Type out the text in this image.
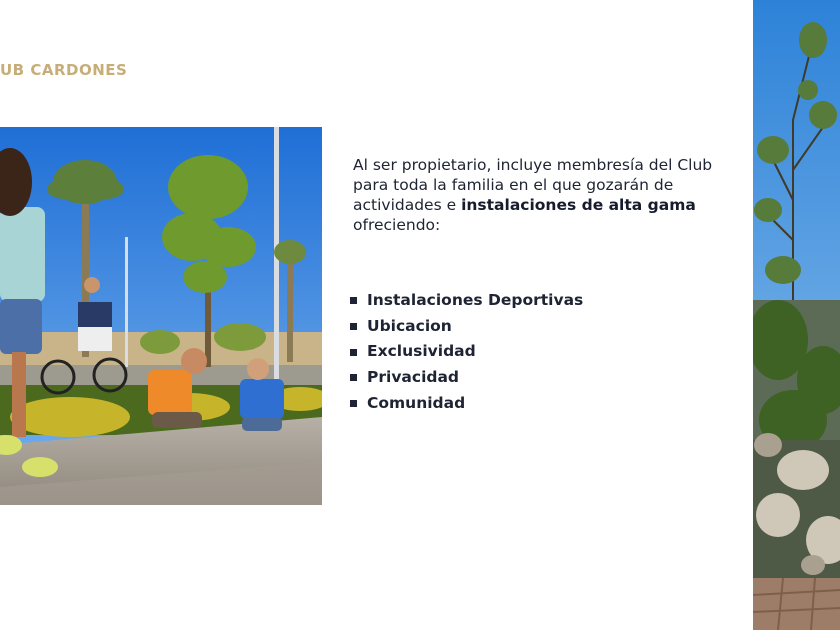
UB CARDONES
Al ser propietario, incluye membresía del Club para toda la familia en el que gozarán de actividades e instalaciones de alta gama ofreciendo:
Instalaciones Deportivas
Ubicacion
Exclusividad
Privacidad
Comunidad
